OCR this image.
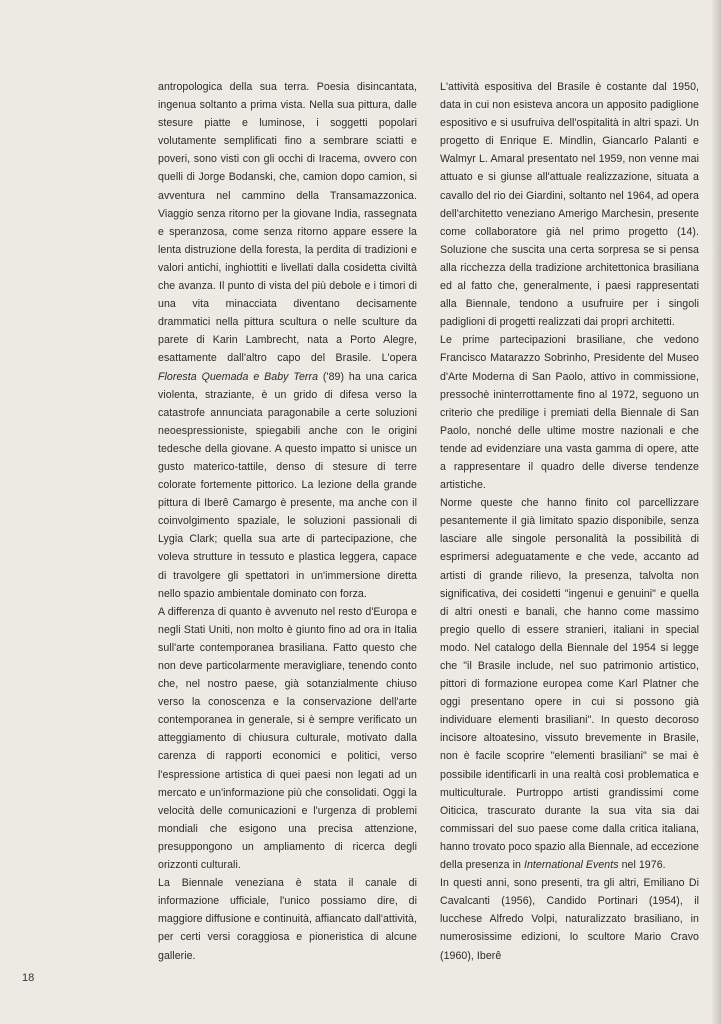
antropologica della sua terra. Poesia disincantata, ingenua soltanto a prima vista. Nella sua pittura, dalle stesure piatte e luminose, i soggetti popolari volutamente semplificati fino a sembrare sciatti e poveri, sono visti con gli occhi di Iracema, ovvero con quelli di Jorge Bodanski, che, camion dopo camion, si avventura nel cammino della Transamazzonica. Viaggio senza ritorno per la giovane India, rassegnata e speranzosa, come senza ritorno appare essere la lenta distruzione della foresta, la perdita di tradizioni e valori antichi, inghiottiti e livellati dalla cosidetta civiltà che avanza. Il punto di vista del più debole e i timori di una vita minacciata diventano decisamente drammatici nella pittura scultura o nelle sculture da parete di Karin Lambrecht, nata a Porto Alegre, esattamente dall'altro capo del Brasile. L'opera Floresta Quemada e Baby Terra ('89) ha una carica violenta, straziante, è un grido di difesa verso la catastrofe annunciata paragonabile a certe soluzioni neoespressioniste, spiegabili anche con le origini tedesche della giovane. A questo impatto si unisce un gusto materico-tattile, denso di stesure di terre colorate fortemente pittorico. La lezione della grande pittura di Iberê Camargo è presente, ma anche con il coinvolgimento spaziale, le soluzioni passionali di Lygia Clark; quella sua arte di partecipazione, che voleva strutture in tessuto e plastica leggera, capace di travolgere gli spettatori in un'immersione diretta nello spazio ambientale dominato con forza.

A differenza di quanto è avvenuto nel resto d'Europa e negli Stati Uniti, non molto è giunto fino ad ora in Italia sull'arte contemporanea brasiliana. Fatto questo che non deve particolarmente meravigliare, tenendo conto che, nel nostro paese, già sotanzialmente chiuso verso la conoscenza e la conservazione dell'arte contemporanea in generale, si è sempre verificato un atteggiamento di chiusura culturale, motivato dalla carenza di rapporti economici e politici, verso l'espressione artistica di quei paesi non legati ad un mercato e un'informazione più che consolidati. Oggi la velocità delle comunicazioni e l'urgenza di problemi mondiali che esigono una precisa attenzione, presuppongono un ampliamento di ricerca degli orizzonti culturali.

La Biennale veneziana è stata il canale di informazione ufficiale, l'unico possiamo dire, di maggiore diffusione e continuità, affiancato dall'attività, per certi versi coraggiosa e pioneristica di alcune gallerie.

L'attività espositiva del Brasile è costante dal 1950, data in cui non esisteva ancora un apposito padiglione espositivo e si usufruiva dell'ospitalità in altri spazi. Un progetto di Enrique E. Mindlin, Giancarlo Palanti e Walmyr L. Amaral presentato nel 1959, non venne mai attuato e si giunse all'attuale realizzazione, situata a cavallo del rio dei Giardini, soltanto nel 1964, ad opera dell'architetto veneziano Amerigo Marchesin, presente come collaboratore già nel primo progetto (14). Soluzione che suscita una certa sorpresa se si pensa alla ricchezza della tradizione architettonica brasiliana ed al fatto che, generalmente, i paesi rappresentati alla Biennale, tendono a usufruire per i singoli padiglioni di progetti realizzati dai propri architetti.

Le prime partecipazioni brasiliane, che vedono Francisco Matarazzo Sobrinho, Presidente del Museo d'Arte Moderna di San Paolo, attivo in commissione, pressochè ininterrottamente fino al 1972, seguono un criterio che predilige i premiati della Biennale di San Paolo, nonché delle ultime mostre nazionali e che tende ad evidenziare una vasta gamma di opere, atte a rappresentare il quadro delle diverse tendenze artistiche.

Norme queste che hanno finito col parcellizzare pesantemente il già limitato spazio disponibile, senza lasciare alle singole personalità la possibilità di esprimersi adeguatamente e che vede, accanto ad artisti di grande rilievo, la presenza, talvolta non significativa, dei cosidetti "ingenui e genuini" e quella di altri onesti e banali, che hanno come massimo pregio quello di essere stranieri, italiani in special modo. Nel catalogo della Biennale del 1954 si legge che "il Brasile include, nel suo patrimonio artistico, pittori di formazione europea come Karl Platner che oggi presentano opere in cui si possono già individuare elementi brasiliani". In questo decoroso incisore altoatesino, vissuto brevemente in Brasile, non è facile scoprire "elementi brasiliani" se mai è possibile identificarli in una realtà così problematica e multiculturale. Purtroppo artisti grandissimi come Oiticica, trascurato durante la sua vita sia dai commissari del suo paese come dalla critica italiana, hanno trovato poco spazio alla Biennale, ad eccezione della presenza in International Events nel 1976.

In questi anni, sono presenti, tra gli altri, Emiliano Di Cavalcanti (1956), Candido Portinari (1954), il lucchese Alfredo Volpi, naturalizzato brasiliano, in numerosissime edizioni, lo scultore Mario Cravo (1960), Iberê

18
